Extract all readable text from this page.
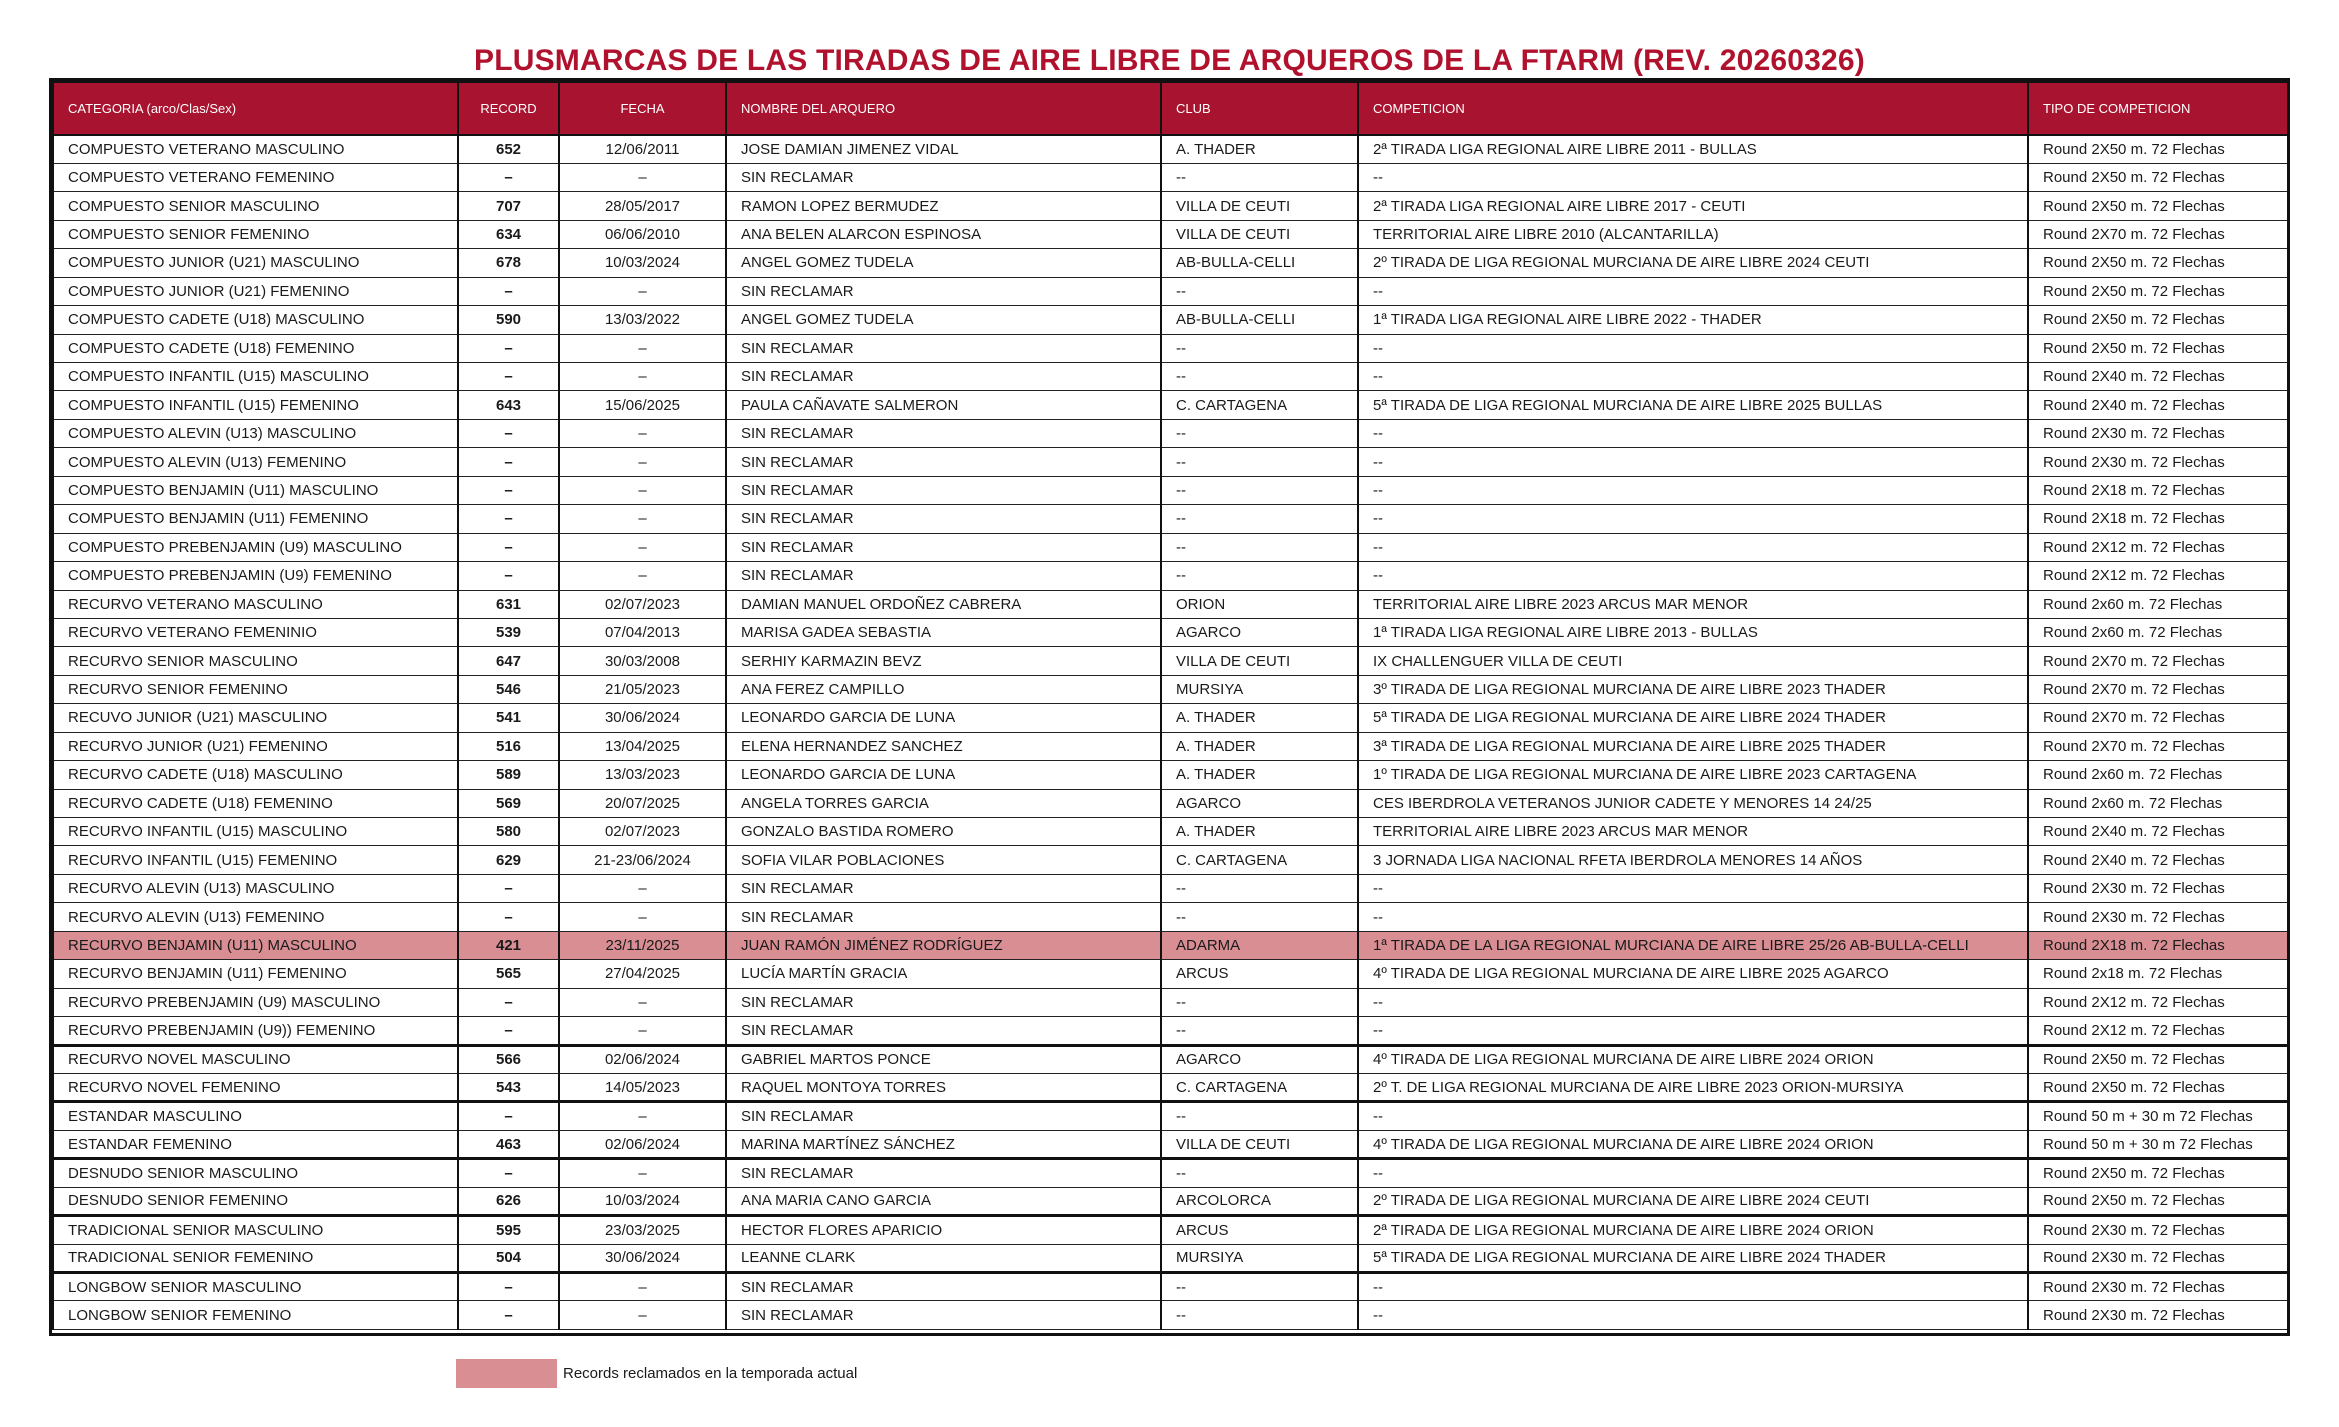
PLUSMARCAS DE LAS TIRADAS DE AIRE LIBRE DE ARQUEROS DE LA FTARM (REV. 20260326)
CATEGORIA (arco/Clas/Sex)	RECORD	FECHA	NOMBRE DEL ARQUERO	CLUB	COMPETICION	TIPO DE COMPETICION
COMPUESTO VETERANO MASCULINO	652	12/06/2011	JOSE DAMIAN JIMENEZ VIDAL	A. THADER	2ª TIRADA LIGA REGIONAL AIRE LIBRE 2011 - BULLAS	Round 2X50 m. 72 Flechas
COMPUESTO VETERANO FEMENINO	–	–	SIN RECLAMAR	--	--	Round 2X50 m. 72 Flechas
COMPUESTO SENIOR MASCULINO	707	28/05/2017	RAMON LOPEZ BERMUDEZ	VILLA DE CEUTI	2ª TIRADA LIGA REGIONAL AIRE LIBRE 2017 - CEUTI	Round 2X50 m. 72 Flechas
COMPUESTO SENIOR FEMENINO	634	06/06/2010	ANA BELEN ALARCON ESPINOSA	VILLA DE CEUTI	TERRITORIAL AIRE LIBRE 2010 (ALCANTARILLA)	Round 2X70 m. 72 Flechas
COMPUESTO JUNIOR (U21) MASCULINO	678	10/03/2024	ANGEL GOMEZ TUDELA	AB-BULLA-CELLI	2º TIRADA DE LIGA REGIONAL MURCIANA DE AIRE LIBRE 2024 CEUTI	Round 2X50 m. 72 Flechas
COMPUESTO JUNIOR (U21) FEMENINO	–	–	SIN RECLAMAR	--	--	Round 2X50 m. 72 Flechas
COMPUESTO CADETE (U18) MASCULINO	590	13/03/2022	ANGEL GOMEZ TUDELA	AB-BULLA-CELLI	1ª TIRADA LIGA REGIONAL AIRE LIBRE 2022 - THADER	Round 2X50 m. 72 Flechas
COMPUESTO CADETE (U18) FEMENINO	–	–	SIN RECLAMAR	--	--	Round 2X50 m. 72 Flechas
COMPUESTO INFANTIL (U15) MASCULINO	–	–	SIN RECLAMAR	--	--	Round 2X40 m. 72 Flechas
COMPUESTO INFANTIL (U15) FEMENINO	643	15/06/2025	PAULA CAÑAVATE SALMERON	C. CARTAGENA	5ª TIRADA DE LIGA REGIONAL MURCIANA DE AIRE LIBRE 2025 BULLAS	Round 2X40 m. 72 Flechas
COMPUESTO ALEVIN (U13) MASCULINO	–	–	SIN RECLAMAR	--	--	Round 2X30 m. 72 Flechas
COMPUESTO ALEVIN (U13) FEMENINO	–	–	SIN RECLAMAR	--	--	Round 2X30 m. 72 Flechas
COMPUESTO BENJAMIN (U11) MASCULINO	–	–	SIN RECLAMAR	--	--	Round 2X18 m. 72 Flechas
COMPUESTO BENJAMIN (U11) FEMENINO	–	–	SIN RECLAMAR	--	--	Round 2X18 m. 72 Flechas
COMPUESTO PREBENJAMIN (U9) MASCULINO	–	–	SIN RECLAMAR	--	--	Round 2X12 m. 72 Flechas
COMPUESTO PREBENJAMIN (U9) FEMENINO	–	–	SIN RECLAMAR	--	--	Round 2X12 m. 72 Flechas
RECURVO VETERANO MASCULINO	631	02/07/2023	DAMIAN MANUEL ORDOÑEZ CABRERA	ORION	TERRITORIAL AIRE LIBRE 2023 ARCUS MAR MENOR	Round 2x60 m. 72 Flechas
RECURVO VETERANO FEMENINIO	539	07/04/2013	MARISA GADEA SEBASTIA	AGARCO	1ª TIRADA LIGA REGIONAL AIRE LIBRE 2013 - BULLAS	Round 2x60 m. 72 Flechas
RECURVO SENIOR MASCULINO	647	30/03/2008	SERHIY KARMAZIN BEVZ	VILLA DE CEUTI	IX CHALLENGUER VILLA DE CEUTI	Round 2X70 m. 72 Flechas
RECURVO SENIOR FEMENINO	546	21/05/2023	ANA FEREZ CAMPILLO	MURSIYA	3º TIRADA DE LIGA REGIONAL MURCIANA DE AIRE LIBRE 2023 THADER	Round 2X70 m. 72 Flechas
RECUVO JUNIOR (U21) MASCULINO	541	30/06/2024	LEONARDO GARCIA DE LUNA	A. THADER	5ª TIRADA DE LIGA REGIONAL MURCIANA DE AIRE LIBRE 2024 THADER	Round 2X70 m. 72 Flechas
RECURVO JUNIOR (U21) FEMENINO	516	13/04/2025	ELENA HERNANDEZ SANCHEZ	A. THADER	3ª TIRADA DE LIGA REGIONAL MURCIANA DE AIRE LIBRE 2025 THADER	Round 2X70 m. 72 Flechas
RECURVO CADETE (U18) MASCULINO	589	13/03/2023	LEONARDO GARCIA DE LUNA	A. THADER	1º TIRADA DE LIGA REGIONAL MURCIANA DE AIRE LIBRE 2023 CARTAGENA	Round 2x60 m. 72 Flechas
RECURVO CADETE (U18) FEMENINO	569	20/07/2025	ANGELA TORRES GARCIA	AGARCO	CES IBERDROLA VETERANOS JUNIOR CADETE Y MENORES 14 24/25	Round 2x60 m. 72 Flechas
RECURVO INFANTIL (U15) MASCULINO	580	02/07/2023	GONZALO BASTIDA ROMERO	A. THADER	TERRITORIAL AIRE LIBRE 2023 ARCUS MAR MENOR	Round 2X40 m. 72 Flechas
RECURVO INFANTIL (U15) FEMENINO	629	21-23/06/2024	SOFIA VILAR POBLACIONES	C. CARTAGENA	3 JORNADA LIGA NACIONAL RFETA IBERDROLA MENORES 14 AÑOS	Round 2X40 m. 72 Flechas
RECURVO ALEVIN (U13) MASCULINO	–	–	SIN RECLAMAR	--	--	Round 2X30 m. 72 Flechas
RECURVO ALEVIN (U13) FEMENINO	–	–	SIN RECLAMAR	--	--	Round 2X30 m. 72 Flechas
RECURVO BENJAMIN (U11) MASCULINO	421	23/11/2025	JUAN RAMÓN JIMÉNEZ RODRÍGUEZ	ADARMA	1ª TIRADA DE LA LIGA REGIONAL MURCIANA DE AIRE LIBRE 25/26 AB-BULLA-CELLI	Round 2X18 m. 72 Flechas
RECURVO BENJAMIN (U11) FEMENINO	565	27/04/2025	LUCÍA MARTÍN GRACIA	ARCUS	4º TIRADA DE LIGA REGIONAL MURCIANA DE AIRE LIBRE 2025 AGARCO	Round 2x18 m. 72 Flechas
RECURVO PREBENJAMIN (U9) MASCULINO	–	–	SIN RECLAMAR	--	--	Round 2X12 m. 72 Flechas
RECURVO PREBENJAMIN (U9)) FEMENINO	–	–	SIN RECLAMAR	--	--	Round 2X12 m. 72 Flechas
RECURVO NOVEL MASCULINO	566	02/06/2024	GABRIEL MARTOS PONCE	AGARCO	4º TIRADA DE LIGA REGIONAL MURCIANA DE AIRE LIBRE 2024 ORION	Round 2X50 m. 72 Flechas
RECURVO NOVEL FEMENINO	543	14/05/2023	RAQUEL MONTOYA TORRES	C. CARTAGENA	2º T. DE LIGA REGIONAL MURCIANA DE AIRE LIBRE 2023 ORION-MURSIYA	Round 2X50 m. 72 Flechas
ESTANDAR MASCULINO	–	–	SIN RECLAMAR	--	--	Round 50 m + 30 m 72 Flechas
ESTANDAR FEMENINO	463	02/06/2024	MARINA MARTÍNEZ SÁNCHEZ	VILLA DE CEUTI	4º TIRADA DE LIGA REGIONAL MURCIANA DE AIRE LIBRE 2024 ORION	Round 50 m + 30 m 72 Flechas
DESNUDO SENIOR MASCULINO	–	–	SIN RECLAMAR	--	--	Round 2X50 m. 72 Flechas
DESNUDO SENIOR FEMENINO	626	10/03/2024	ANA MARIA CANO GARCIA	ARCOLORCA	2º TIRADA DE LIGA REGIONAL MURCIANA DE AIRE LIBRE 2024 CEUTI	Round 2X50 m. 72 Flechas
TRADICIONAL SENIOR MASCULINO	595	23/03/2025	HECTOR FLORES APARICIO	ARCUS	2ª TIRADA DE LIGA REGIONAL MURCIANA DE AIRE LIBRE 2024 ORION	Round 2X30 m. 72 Flechas
TRADICIONAL SENIOR FEMENINO	504	30/06/2024	LEANNE CLARK	MURSIYA	5ª TIRADA DE LIGA REGIONAL MURCIANA DE AIRE LIBRE 2024 THADER	Round 2X30 m. 72 Flechas
LONGBOW SENIOR MASCULINO	–	–	SIN RECLAMAR	--	--	Round 2X30 m. 72 Flechas
LONGBOW SENIOR FEMENINO	–	–	SIN RECLAMAR	--	--	Round 2X30 m. 72 Flechas
Records reclamados en la temporada actual
